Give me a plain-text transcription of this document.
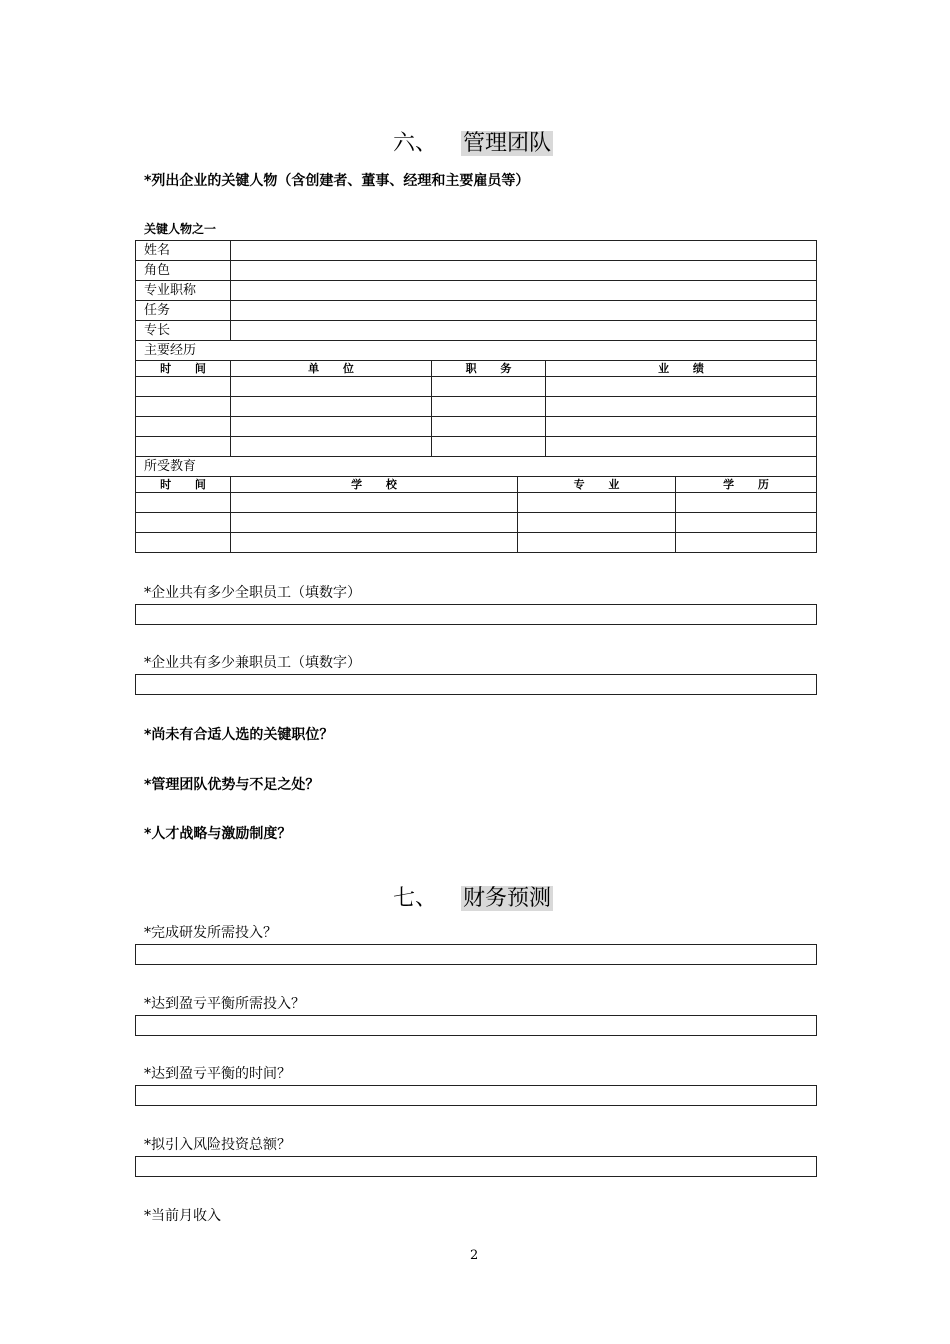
六、 管理团队
*列出企业的关键人物（含创建者、董事、经理和主要雇员等）
关键人物之一
姓名			
角色			
专业职称			
任务			
专长			
主要经历			
时 间	单 位	职 务	业 绩

所受教育			
时 间	学 校	专 业	学 历

*企业共有多少全职员工（填数字）
*企业共有多少兼职员工（填数字）
*尚未有合适人选的关键职位？
*管理团队优势与不足之处？
*人才战略与激励制度？
七、 财务预测
*完成研发所需投入？
*达到盈亏平衡所需投入？
*达到盈亏平衡的时间？
*拟引入风险投资总额？
*当前月收入
2
